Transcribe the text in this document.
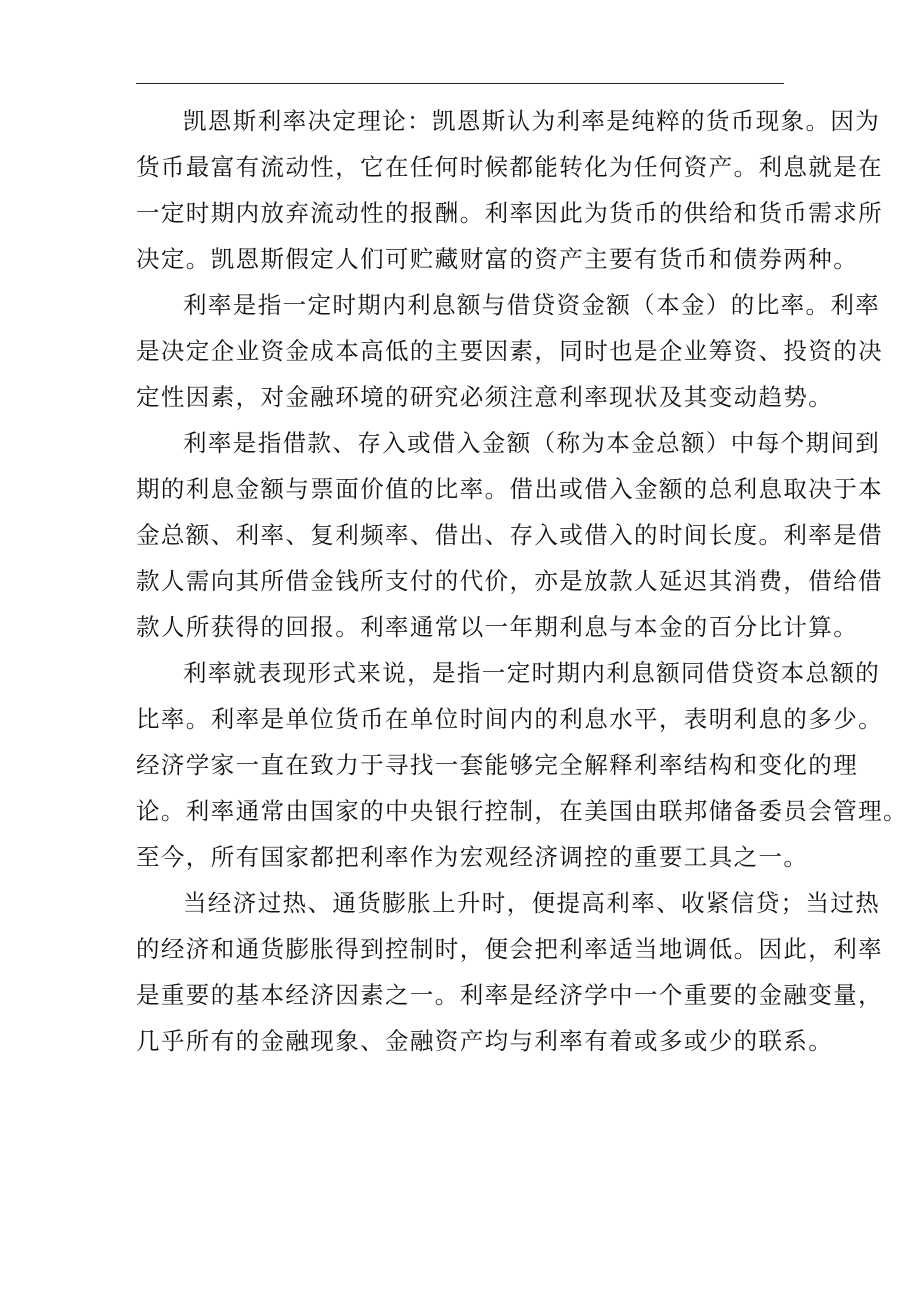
凯恩斯利率决定理论：凯恩斯认为利率是纯粹的货币现象。因为
货币最富有流动性，它在任何时候都能转化为任何资产。利息就是在
一定时期内放弃流动性的报酬。利率因此为货币的供给和货币需求所
决定。凯恩斯假定人们可贮藏财富的资产主要有货币和债券两种。
利率是指一定时期内利息额与借贷资金额（本金）的比率。利率
是决定企业资金成本高低的主要因素，同时也是企业筹资、投资的决
定性因素，对金融环境的研究必须注意利率现状及其变动趋势。
利率是指借款、存入或借入金额（称为本金总额）中每个期间到
期的利息金额与票面价值的比率。借出或借入金额的总利息取决于本
金总额、利率、复利频率、借出、存入或借入的时间长度。利率是借
款人需向其所借金钱所支付的代价，亦是放款人延迟其消费，借给借
款人所获得的回报。利率通常以一年期利息与本金的百分比计算。
利率就表现形式来说，是指一定时期内利息额同借贷资本总额的
比率。利率是单位货币在单位时间内的利息水平，表明利息的多少。
经济学家一直在致力于寻找一套能够完全解释利率结构和变化的理
论。利率通常由国家的中央银行控制，在美国由联邦储备委员会管理。
至今，所有国家都把利率作为宏观经济调控的重要工具之一。
当经济过热、通货膨胀上升时，便提高利率、收紧信贷；当过热
的经济和通货膨胀得到控制时，便会把利率适当地调低。因此，利率
是重要的基本经济因素之一。利率是经济学中一个重要的金融变量，
几乎所有的金融现象、金融资产均与利率有着或多或少的联系。
